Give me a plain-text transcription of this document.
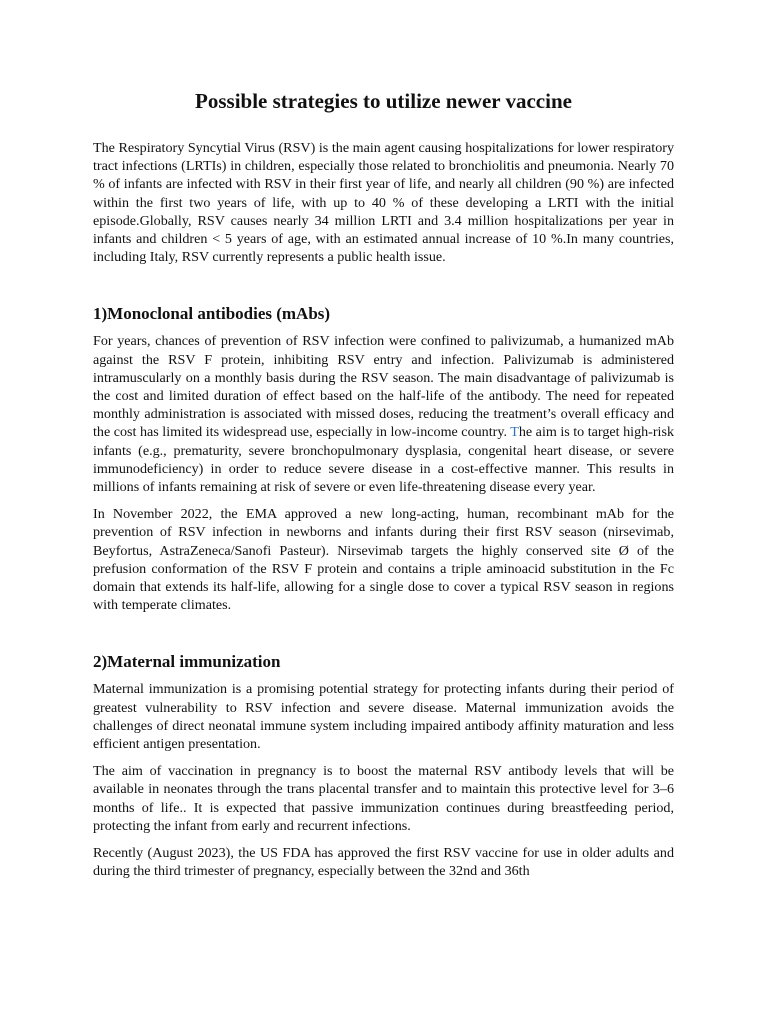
Possible strategies to utilize newer vaccine

The Respiratory Syncytial Virus (RSV) is the main agent causing hospitalizations for lower respiratory tract infections (LRTIs) in children, especially those related to bronchiolitis and pneumonia. Nearly 70 % of infants are infected with RSV in their first year of life, and nearly all children (90 %) are infected within the first two years of life, with up to 40 % of these developing a LRTI with the initial episode.Globally, RSV causes nearly 34 million LRTI and 3.4 million hospitalizations per year in infants and children < 5 years of age, with an estimated annual increase of 10 %.In many countries, including Italy, RSV currently represents a public health issue.

1)Monoclonal antibodies (mAbs)

For years, chances of prevention of RSV infection were confined to palivizumab, a humanized mAb against the RSV F protein, inhibiting RSV entry and infection. Palivizumab is administered intramuscularly on a monthly basis during the RSV season. The main disadvantage of palivizumab is the cost and limited duration of effect based on the half-life of the antibody. The need for repeated monthly administration is associated with missed doses, reducing the treatment’s overall efficacy and the cost has limited its widespread use, especially in low-income country. The aim is to target high-risk infants (e.g., prematurity, severe bronchopulmonary dysplasia, congenital heart disease, or severe immunodeficiency) in order to reduce severe disease in a cost-effective manner. This results in millions of infants remaining at risk of severe or even life-threatening disease every year.

In November 2022, the EMA approved a new long-acting, human, recombinant mAb for the prevention of RSV infection in newborns and infants during their first RSV season (nirsevimab, Beyfortus, AstraZeneca/Sanofi Pasteur). Nirsevimab targets the highly conserved site Ø of the prefusion conformation of the RSV F protein and contains a triple aminoacid substitution in the Fc domain that extends its half-life, allowing for a single dose to cover a typical RSV season in regions with temperate climates.

2)Maternal immunization

Maternal immunization is a promising potential strategy for protecting infants during their period of greatest vulnerability to RSV infection and severe disease. Maternal immunization avoids the challenges of direct neonatal immune system including impaired antibody affinity maturation and less efficient antigen presentation.

The aim of vaccination in pregnancy is to boost the maternal RSV antibody levels that will be available in neonates through the trans placental transfer and to maintain this protective level for 3–6 months of life.. It is expected that passive immunization continues during breastfeeding period, protecting the infant from early and recurrent infections.

Recently (August 2023), the US FDA has approved the first RSV vaccine for use in older adults and during the third trimester of pregnancy, especially between the 32nd and 36th
